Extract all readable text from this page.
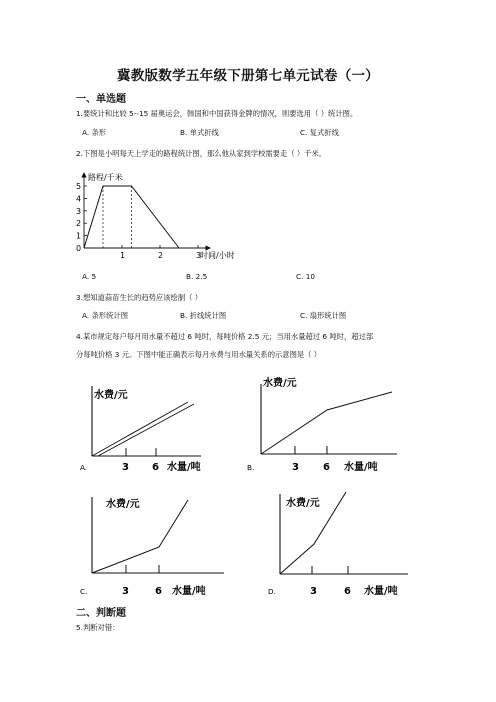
冀教版数学五年级下册第七单元试卷（一）
一、单选题
1.要统计和比较 5--15 届奥运会，韩国和中国获得金牌的情况，则要选用（ ）统计图。
A. 条形	B. 单式折线	C. 复式折线
2.下图是小明每天上学走的路程统计图，那么他从家到学校需要走（ ）千米。
0
1
2
3
4
5
1	2	3
路程/千米
时间/小时
A. 5	B. 2.5	C. 10
3.想知道蒜苗生长的趋势应该绘制（ ）
A. 条形统计图	B. 折线统计图	C. 扇形统计图
4.某市规定每户每月用水量不超过 6 吨时，每吨价格 2.5 元；当用水量超过 6 吨时，超过部
分每吨价格 3 元。下图中能正确表示每月水费与用水量关系的示意图是（ ）
水费/元
3 6 水量/吨
A.
水费/元
3 6 水量/吨
B.
水费/元
3	6 水量/吨
C.
水费/元
3	6 水量/吨
D.
二、判断题
5.判断对错：
